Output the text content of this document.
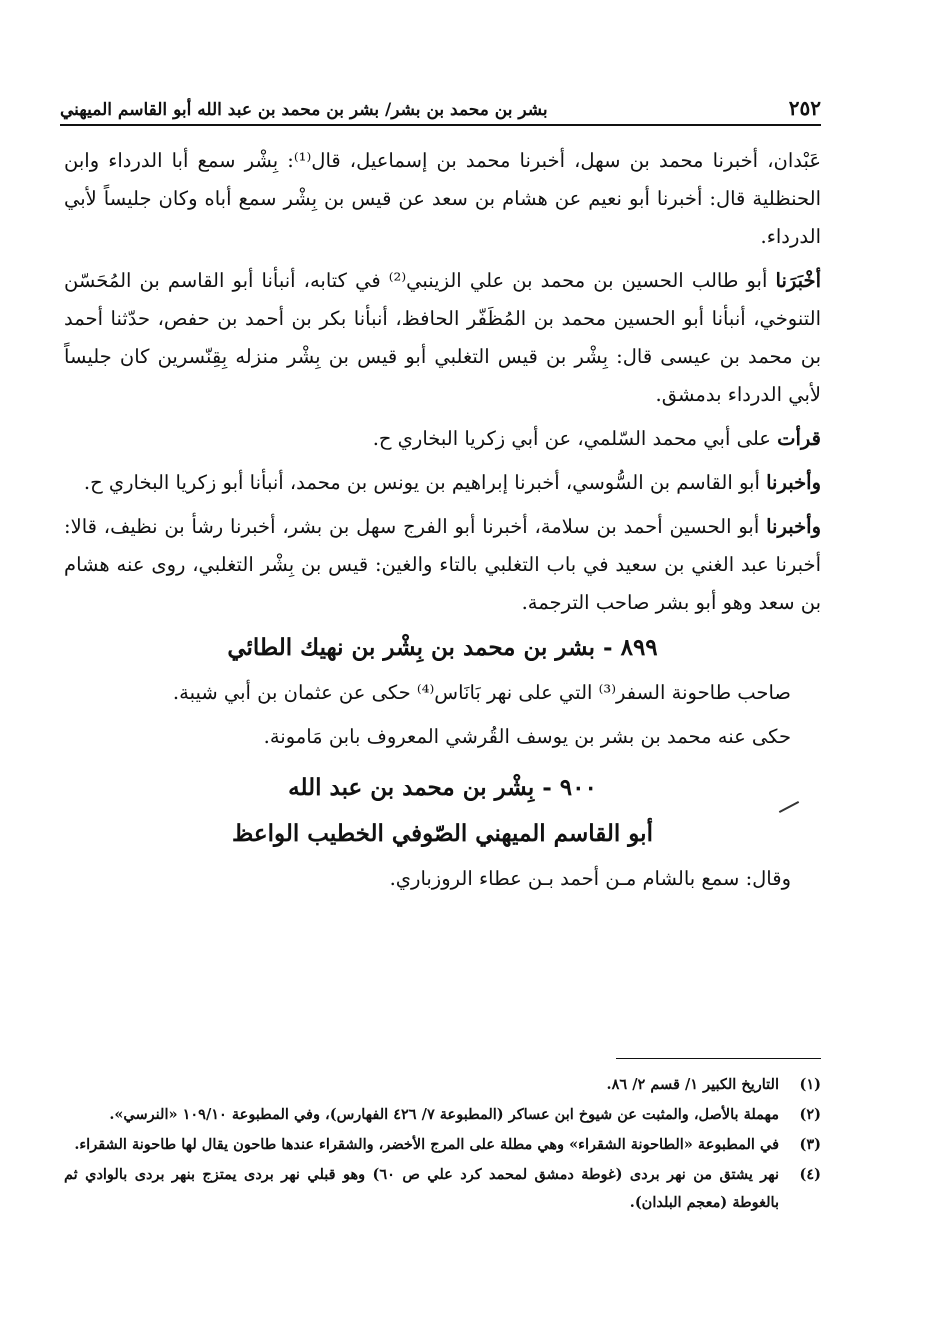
بشر بن محمد بن بشر/ بشر بن محمد بن عبد الله أبو القاسم الميهني	٢٥٢

عَبْدان، أخبرنا محمد بن سهل، أخبرنا محمد بن إسماعيل، قال⁽¹⁾: بِشْر سمع أبا الدرداء وابن الحنظلية قال: أخبرنا أبو نعيم عن هشام بن سعد عن قيس بن بِشْر سمع أباه وكان جليساً لأبي الدرداء.

أخْبَرَنا أبو طالب الحسين بن محمد بن علي الزينبي⁽²⁾ في كتابه، أنبأنا أبو القاسم بن المُحَسّن التنوخي، أنبأنا أبو الحسين محمد بن المُظَفّر الحافظ، أنبأنا بكر بن أحمد بن حفص، حدّثنا أحمد بن محمد بن عيسى قال: بِشْر بن قيس التغلبي أبو قيس بن بِشْر منزله بِقِنّسرين كان جليساً لأبي الدرداء بدمشق.

قرأت على أبي محمد السّلمي، عن أبي زكريا البخاري ح.

وأخبرنا أبو القاسم بن السُّوسي، أخبرنا إبراهيم بن يونس بن محمد، أنبأنا أبو زكريا البخاري ح.

وأخبرنا أبو الحسين أحمد بن سلامة، أخبرنا أبو الفرج سهل بن بشر، أخبرنا رشأ بن نظيف، قالا: أخبرنا عبد الغني بن سعيد في باب التغلبي بالتاء والغين: قيس بن بِشْر التغلبي، روى عنه هشام بن سعد وهو أبو بشر صاحب الترجمة.

٨٩٩- بشر بن محمد بن بِشْر بن نهيك الطائي

صاحب طاحونة السفر⁽³⁾ التي على نهر بَانَاس⁽⁴⁾ حكى عن عثمان بن أبي شيبة.

حكى عنه محمد بن بشر بن يوسف القُرشي المعروف بابن مَامونة.

٩٠٠- بِشْر بن محمد بن عبد الله
أبو القاسم الميهني الصّوفي الخطيب الواعظ

وقال: سمع بالشام مـن أحمد بـن عطاء الروزباري.

(١)
التاريخ الكبير ١/ قسم ٢/ ٨٦.
(٢)
مهملة بالأصل، والمثبت عن شيوخ ابن عساكر (المطبوعة ٧/ ٤٢٦ الفهارس)، وفي المطبوعة ١٠٩/١٠ «النرسي».
(٣)
في المطبوعة «الطاحونة الشقراء» وهي مطلة على المرج الأخضر، والشقراء عندها طاحون يقال لها طاحونة الشقراء.
(٤)
نهر يشتق من نهر بردى (غوطة دمشق لمحمد كرد علي ص ٦٠) وهو قبلي نهر بردى يمتزج بنهر بردى بالوادي ثم بالغوطة (معجم البلدان).
